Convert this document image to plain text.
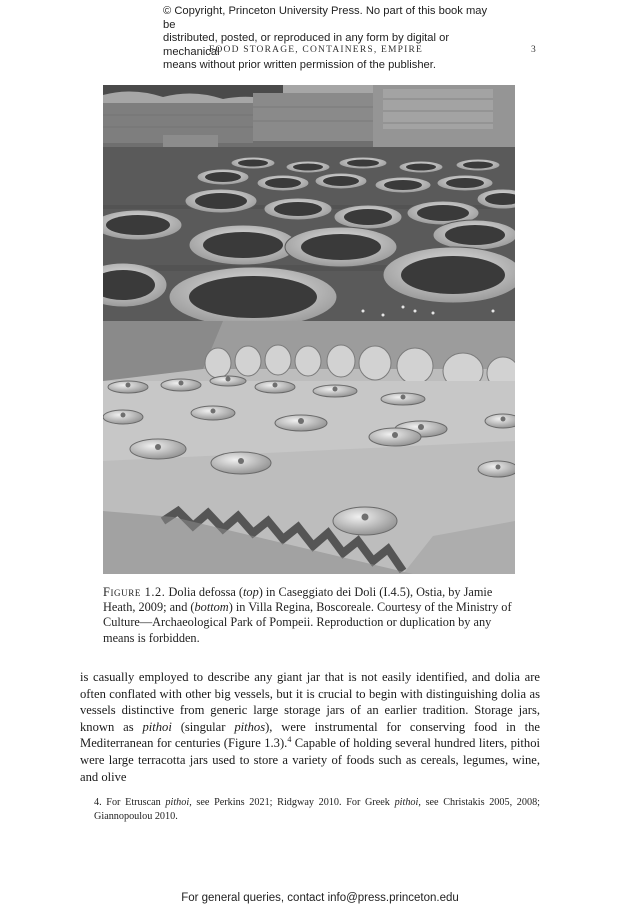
© Copyright, Princeton University Press. No part of this book may be
distributed, posted, or reproduced in any form by digital or mechanical
means without prior written permission of the publisher.
FOOD STORAGE, CONTAINERS, EMPIRE	3
Figure 1.2. Dolia defossa (top) in Caseggiato dei Doli (I.4.5), Ostia, by Jamie Heath, 2009; and (bottom) in Villa Regina, Boscoreale. Courtesy of the Ministry of Culture—Archaeological Park of Pompeii. Reproduction or duplication by any means is forbidden.

is casually employed to describe any giant jar that is not easily identified, and dolia are often conflated with other big vessels, but it is crucial to begin with distinguishing dolia as vessels distinctive from generic large storage jars of an earlier tradition. Storage jars, known as pithoi (singular pithos), were instrumental for conserving food in the Mediterranean for centuries (Figure 1.3).$^4$ Capable of holding several hundred liters, pithoi were large terracotta jars used to store a variety of foods such as cereals, legumes, wine, and olive

4. For Etruscan pithoi, see Perkins 2021; Ridgway 2010. For Greek pithoi, see Christakis 2005, 2008; Giannopoulou 2010.
For general queries, contact info@press.princeton.edu
